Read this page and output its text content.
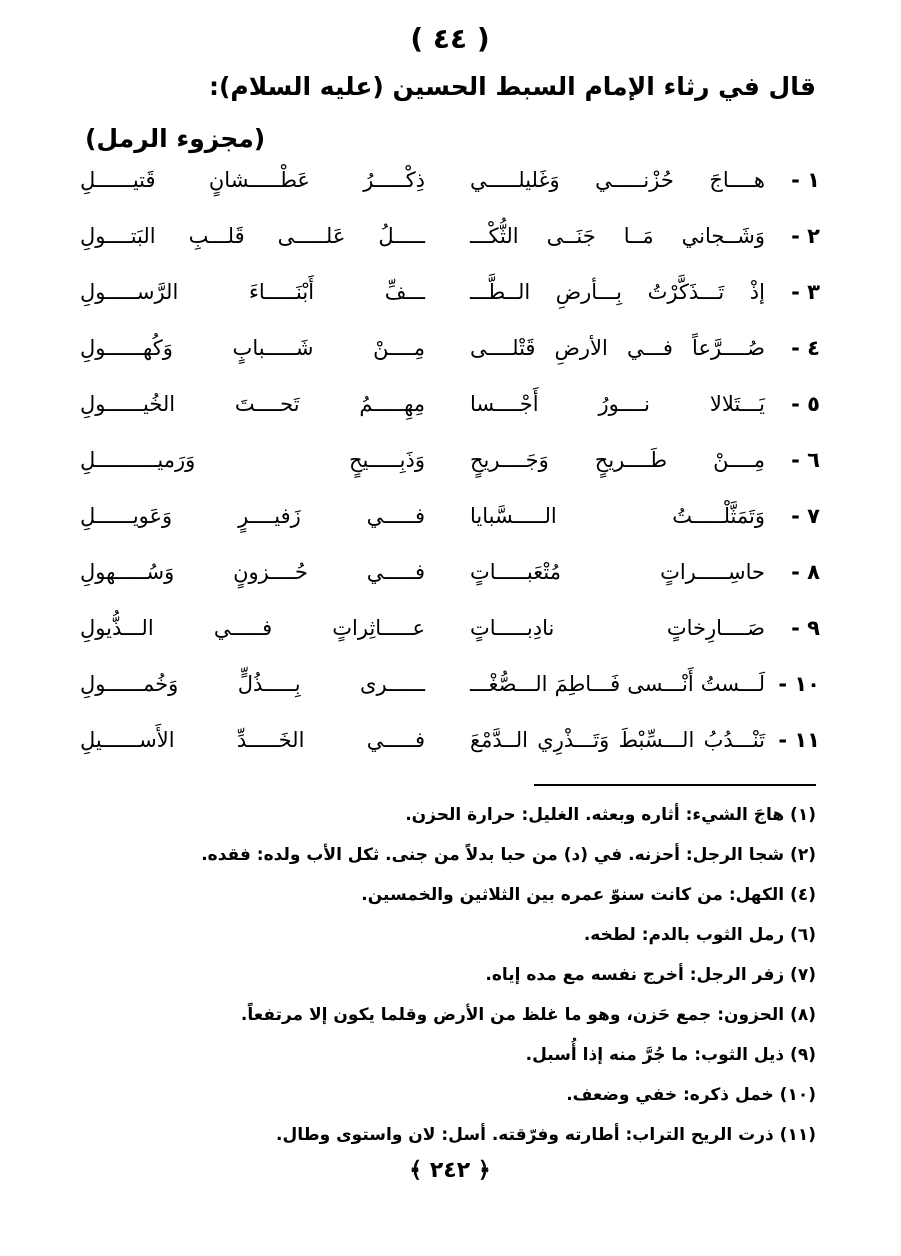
( ٤٤ )
قال في رثاء الإمام السبط الحسين (عليه السلام):
(مجزوء الرمل)
١ -
هــــاجَ حُزْنـــــي وَغَليلـــــي
ذِكْـــــرُ عَطْـــــشانٍ قَتيــــــلِ
٢ -
وَشَــجاني مَــا جَنَــى الثُّكْـــ
ـــــلُ عَلـــــى قَلـــبِ البَتــــولِ
٣ -
إذْ تَـــذَكَّرْتُ بِـــأرضِ الــطَّـــ
ـــفِّ أَبْنَـــــاءَ الرَّســـــولِ
٤ -
صُــــرَّعاً فـــي الأرضِ قَتْلــــى
مِــــنْ شَـــــبابٍ وَكُهــــــولِ
٥ -
يَـــتَلالا نــــورُ أَجْــــسا
مِهِـــــمُ تَحــــتَ الخُيــــــولِ
٦ -
مِــــنْ طَــــريحٍ وَجَــــريحٍ
وَذَبِـــــيحٍ وَرَميــــــــــلِ
٧ -
وَتَمَثَّلْـــــتُ الـــــسَّبايا
فـــــي زَفيــــرٍ وَعَويــــــلِ
٨ -
حاسِـــــراتٍ مُتْعَبـــــاتٍ
فـــــي حُــــزونٍ وَسُـــــهولِ
٩ -
صَــــارِخاتٍ نادِبـــــاتٍ
عـــــاثِراتٍ فـــــي الـــذُّيولِ
١٠ -
لَـــستُ أَنْـــسى فَـــاطِمَ الـــصُّغْـــ
ــــــرى بِـــــذُلٍّ وَخُمــــــولِ
١١ -
تَنْـــدُبُ الـــسِّبْطَ وَتَـــذْرِي الــدَّمْعَ
فـــــي الخَـــــدِّ الأَســــــيلِ
(١) هاجَ الشيء: أثاره وبعثه. الغليل: حرارة الحزن.
(٢) شجا الرجل: أحزنه. في (د) من حبا بدلاً من جنى. ثكل الأب ولده: فقده.
(٤) الكهل: من كانت سنوّ عمره بين الثلاثين والخمسين.
(٦) رمل الثوب بالدم: لطخه.
(٧) زفر الرجل: أخرج نفسه مع مده إياه.
(٨) الحزون: جمع حَزن، وهو ما غلظ من الأرض وقلما يكون إلا مرتفعاً.
(٩) ذيل الثوب: ما جُرَّ منه إذا أُسبل.
(١٠) خمل ذكره: خفي وضعف.
(١١) ذرت الريح التراب: أطارته وفرّقته. أسل: لان واستوى وطال.
﴿ ٢٤٢ ﴾
